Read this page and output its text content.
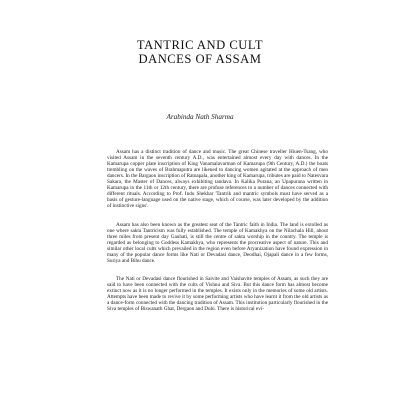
TANTRIC AND CULT
DANCES OF ASSAM
Arabinda Nath Sharma

Assam has a distinct tradition of dance and music. The great Chinese traveller Hiuen-Tsang, who visited Assam in the seventh century A.D., was entertained almost every day with dances. In the Kamarupa copper plate inscription of King Vanamalavarman of Kamarupa (9th Century, A.D.) the boats trembling on the waves of Brahmaputra are likened to dancing women agitated at the approach of men dancers. In the Bargaon inscription of Ratnapala, another king of Kamarupa, tributes are paid to Natesvara Sakara, the Master of Dances, always exhibiting tandava. In Kalika Purana, an Upapurana written in Kamarupa in the 11th or 12th century, there are profuse references to a number of dances connected with different rituals. According to Prof. Indu Shekhar 'Tantrik and mantric symbols must have served as a basis of gesture-language used on the native stage, which of course, was later developed by the addition of instinctive signs'.

Assam has also been known as the greatest seat of the Tantric faith in India. The land is extolled as one where sakta Tantricism was fully established. The temple of Kamakhya on the Nilachala Hill, about three miles from present day Gauhati, is still the centre of sakta worship in the country. The temple is regarded as belonging to Goddess Kamakhya, who represents the procreative aspect of nature. This and similar other local cults which prevailed in the region even before Aryanization have found expression in many of the popular dance forms like Nati or Devadasi dance, Deodhai, Ojapali dance in a few forms, Suriya and Bihu dance.

The Nati or Devadasi dance flourished in Saivite and Vaishavite temples of Assam, as such they are said to have been connected with the cults of Vishnu and Siva. But this dance form has almost become extinct now as it is no longer performed in the temples. It exists only in the memories of some old artists. Attempts have been made to revive it by some performing artists who have learnt it from the old artists as a dance-form connected with the dancing tradition of Assam. This institution particularly flourished in the Siva temples of Biswanath Ghat, Dergaon and Dubi. There is historical evi-
